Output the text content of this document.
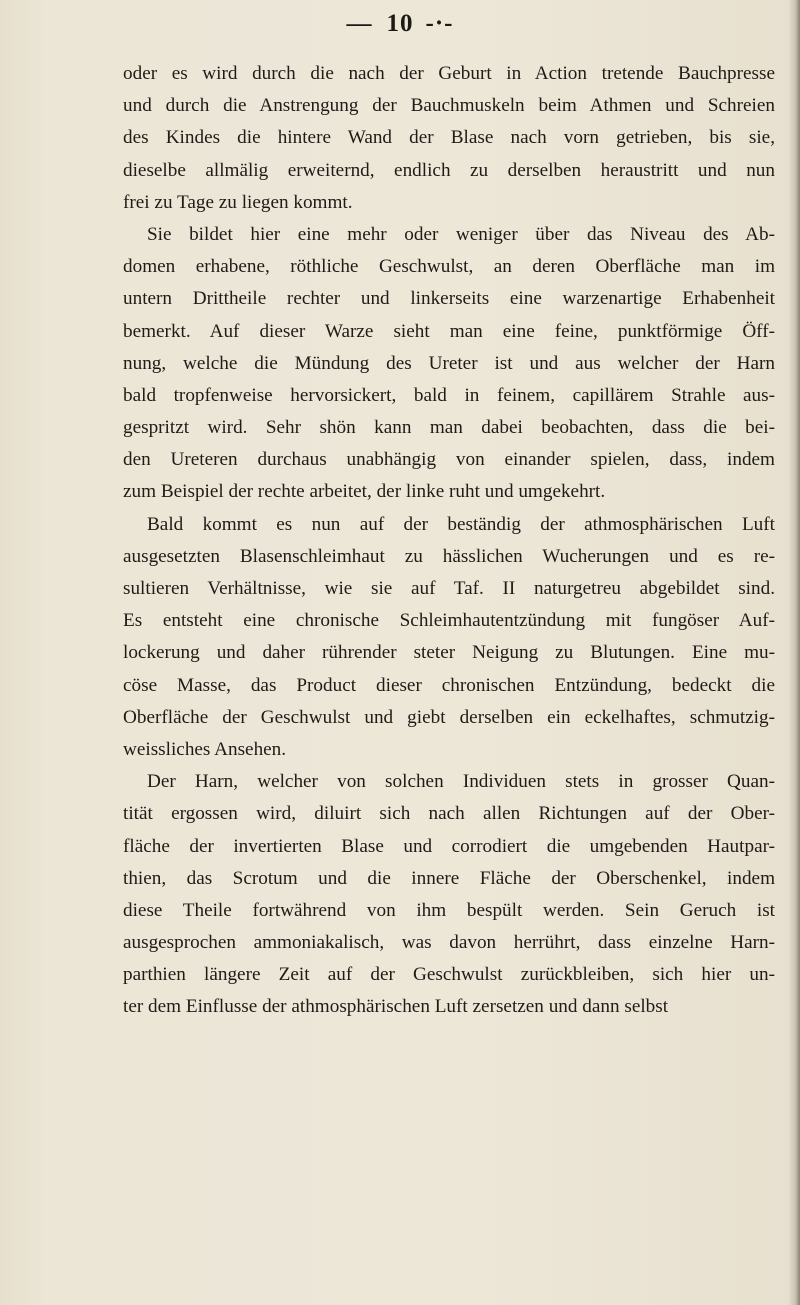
— 10 -·-
oder es wird durch die nach der Geburt in Action tretende Bauchpresse
und durch die Anstrengung der Bauchmuskeln beim Athmen und Schreien
des Kindes die hintere Wand der Blase nach vorn getrieben, bis sie,
dieselbe allmälig erweiternd, endlich zu derselben heraustritt und nun
frei zu Tage zu liegen kommt.
Sie bildet hier eine mehr oder weniger über das Niveau des Ab-
domen erhabene, röthliche Geschwulst, an deren Oberfläche man im
untern Drittheile rechter und linkerseits eine warzenartige Erhabenheit
bemerkt. Auf dieser Warze sieht man eine feine, punktförmige Öff-
nung, welche die Mündung des Ureter ist und aus welcher der Harn
bald tropfenweise hervorsickert, bald in feinem, capillärem Strahle aus-
gespritzt wird. Sehr shön kann man dabei beobachten, dass die bei-
den Ureteren durchaus unabhängig von einander spielen, dass, indem
zum Beispiel der rechte arbeitet, der linke ruht und umgekehrt.
Bald kommt es nun auf der beständig der athmosphärischen Luft
ausgesetzten Blasenschleimhaut zu hässlichen Wucherungen und es re-
sultieren Verhältnisse, wie sie auf Taf. II naturgetreu abgebildet sind.
Es entsteht eine chronische Schleimhautentzündung mit fungöser Auf-
lockerung und daher rührender steter Neigung zu Blutungen. Eine mu-
cöse Masse, das Product dieser chronischen Entzündung, bedeckt die
Oberfläche der Geschwulst und giebt derselben ein eckelhaftes, schmutzig-
weissliches Ansehen.
Der Harn, welcher von solchen Individuen stets in grosser Quan-
tität ergossen wird, diluirt sich nach allen Richtungen auf der Ober-
fläche der invertierten Blase und corrodiert die umgebenden Hautpar-
thien, das Scrotum und die innere Fläche der Oberschenkel, indem
diese Theile fortwährend von ihm bespült werden. Sein Geruch ist
ausgesprochen ammoniakalisch, was davon herrührt, dass einzelne Harn-
parthien längere Zeit auf der Geschwulst zurückbleiben, sich hier un-
ter dem Einflusse der athmosphärischen Luft zersetzen und dann selbst
